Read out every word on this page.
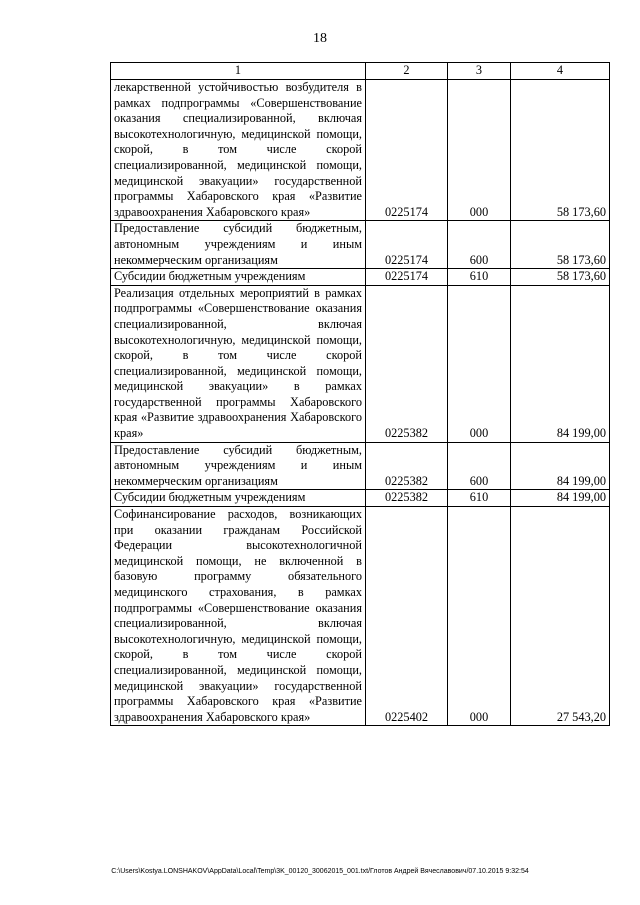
18
1	2	3	4
лекарственной устойчивостью возбудителя в рамках подпрограммы «Совершенствование оказания специализированной, включая высокотехнологичную, медицинской помощи, скорой, в том числе скорой специализированной, медицинской помощи, медицинской эвакуации» государственной программы Хабаровского края «Развитие здравоохранения Хабаровского края»	0225174	000	58 173,60
Предоставление субсидий бюджетным, автономным учреждениям и иным некоммерческим организациям	0225174	600	58 173,60
Субсидии бюджетным учреждениям	0225174	610	58 173,60
Реализация отдельных мероприятий в рамках подпрограммы «Совершенствование оказания специализированной, включая высокотехнологичную, медицинской помощи, скорой, в том числе скорой специализированной, медицинской помощи, медицинской эвакуации» в рамках государственной программы Хабаровского края «Развитие здравоохранения Хабаровского края»	0225382	000	84 199,00
Предоставление субсидий бюджетным, автономным учреждениям и иным некоммерческим организациям	0225382	600	84 199,00
Субсидии бюджетным учреждениям	0225382	610	84 199,00
Софинансирование расходов, возникающих при оказании гражданам Российской Федерации высокотехнологичной медицинской помощи, не включенной в базовую программу обязательного медицинского страхования, в рамках подпрограммы «Совершенствование оказания специализированной, включая высокотехнологичную, медицинской помощи, скорой, в том числе скорой специализированной, медицинской помощи, медицинской эвакуации» государственной программы Хабаровского края «Развитие здравоохранения Хабаровского края»	0225402	000	27 543,20
C:\Users\Kostya.LONSHAKOV\AppData\Local\Temp\3K_00120_30062015_001.txt/Глотов Андрей Вячеславович/07.10.2015 9:32:54
